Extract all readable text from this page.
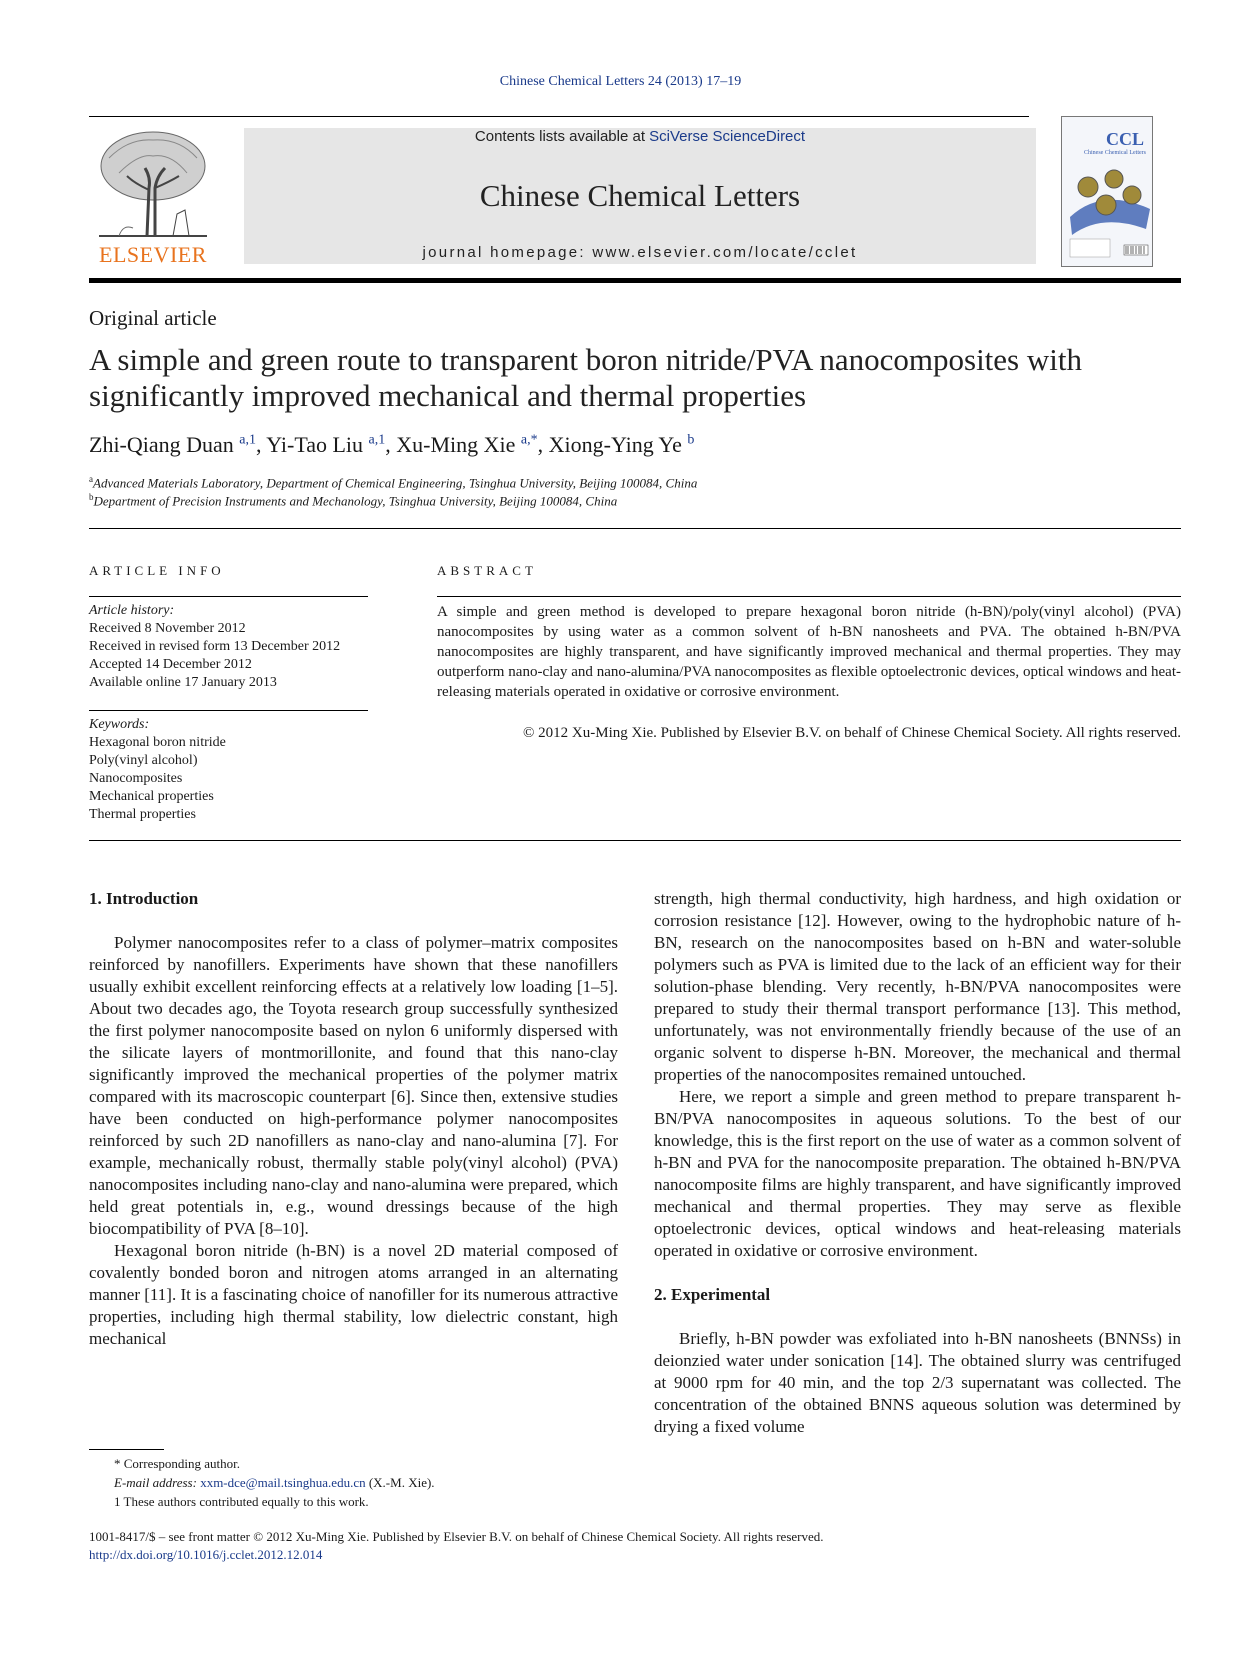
Chinese Chemical Letters 24 (2013) 17–19
ELSEVIER
Contents lists available at SciVerse ScienceDirect
Chinese Chemical Letters
journal homepage: www.elsevier.com/locate/cclet
CCL
Chinese Chemical Letters
Original article
A simple and green route to transparent boron nitride/PVA nanocomposites with significantly improved mechanical and thermal properties
Zhi-Qiang Duan $^{a,1}$, Yi-Tao Liu $^{a,1}$, Xu-Ming Xie $^{a,*}$, Xiong-Ying Ye $^b$
$^a$Advanced Materials Laboratory, Department of Chemical Engineering, Tsinghua University, Beijing 100084, China
$^b$Department of Precision Instruments and Mechanology, Tsinghua University, Beijing 100084, China
ARTICLE INFO
Article history:
Received 8 November 2012
Received in revised form 13 December 2012
Accepted 14 December 2012
Available online 17 January 2013
Keywords:
Hexagonal boron nitride
Poly(vinyl alcohol)
Nanocomposites
Mechanical properties
Thermal properties
ABSTRACT
A simple and green method is developed to prepare hexagonal boron nitride (h-BN)/poly(vinyl alcohol) (PVA) nanocomposites by using water as a common solvent of h-BN nanosheets and PVA. The obtained h-BN/PVA nanocomposites are highly transparent, and have significantly improved mechanical and thermal properties. They may outperform nano-clay and nano-alumina/PVA nanocomposites as flexible optoelectronic devices, optical windows and heat-releasing materials operated in oxidative or corrosive environment.
© 2012 Xu-Ming Xie. Published by Elsevier B.V. on behalf of Chinese Chemical Society. All rights reserved.
1. Introduction

Polymer nanocomposites refer to a class of polymer–matrix composites reinforced by nanofillers. Experiments have shown that these nanofillers usually exhibit excellent reinforcing effects at a relatively low loading [1–5]. About two decades ago, the Toyota research group successfully synthesized the first polymer nanocomposite based on nylon 6 uniformly dispersed with the silicate layers of montmorillonite, and found that this nano-clay significantly improved the mechanical properties of the polymer matrix compared with its macroscopic counterpart [6]. Since then, extensive studies have been conducted on high-performance polymer nanocomposites reinforced by such 2D nanofillers as nano-clay and nano-alumina [7]. For example, mechanically robust, thermally stable poly(vinyl alcohol) (PVA) nanocomposites including nano-clay and nano-alumina were prepared, which held great potentials in, e.g., wound dressings because of the high biocompatibility of PVA [8–10].

Hexagonal boron nitride (h-BN) is a novel 2D material composed of covalently bonded boron and nitrogen atoms arranged in an alternating manner [11]. It is a fascinating choice of nanofiller for its numerous attractive properties, including high thermal stability, low dielectric constant, high mechanical

strength, high thermal conductivity, high hardness, and high oxidation or corrosion resistance [12]. However, owing to the hydrophobic nature of h-BN, research on the nanocomposites based on h-BN and water-soluble polymers such as PVA is limited due to the lack of an efficient way for their solution-phase blending. Very recently, h-BN/PVA nanocomposites were prepared to study their thermal transport performance [13]. This method, unfortunately, was not environmentally friendly because of the use of an organic solvent to disperse h-BN. Moreover, the mechanical and thermal properties of the nanocomposites remained untouched.

Here, we report a simple and green method to prepare transparent h-BN/PVA nanocomposites in aqueous solutions. To the best of our knowledge, this is the first report on the use of water as a common solvent of h-BN and PVA for the nanocomposite preparation. The obtained h-BN/PVA nanocomposite films are highly transparent, and have significantly improved mechanical and thermal properties. They may serve as flexible optoelectronic devices, optical windows and heat-releasing materials operated in oxidative or corrosive environment.

2. Experimental

Briefly, h-BN powder was exfoliated into h-BN nanosheets (BNNSs) in deionzied water under sonication [14]. The obtained slurry was centrifuged at 9000 rpm for 40 min, and the top 2/3 supernatant was collected. The concentration of the obtained BNNS aqueous solution was determined by drying a fixed volume

* Corresponding author.
E-mail address: xxm-dce@mail.tsinghua.edu.cn (X.-M. Xie).
1 These authors contributed equally to this work.
1001-8417/$ – see front matter © 2012 Xu-Ming Xie. Published by Elsevier B.V. on behalf of Chinese Chemical Society. All rights reserved.
http://dx.doi.org/10.1016/j.cclet.2012.12.014
